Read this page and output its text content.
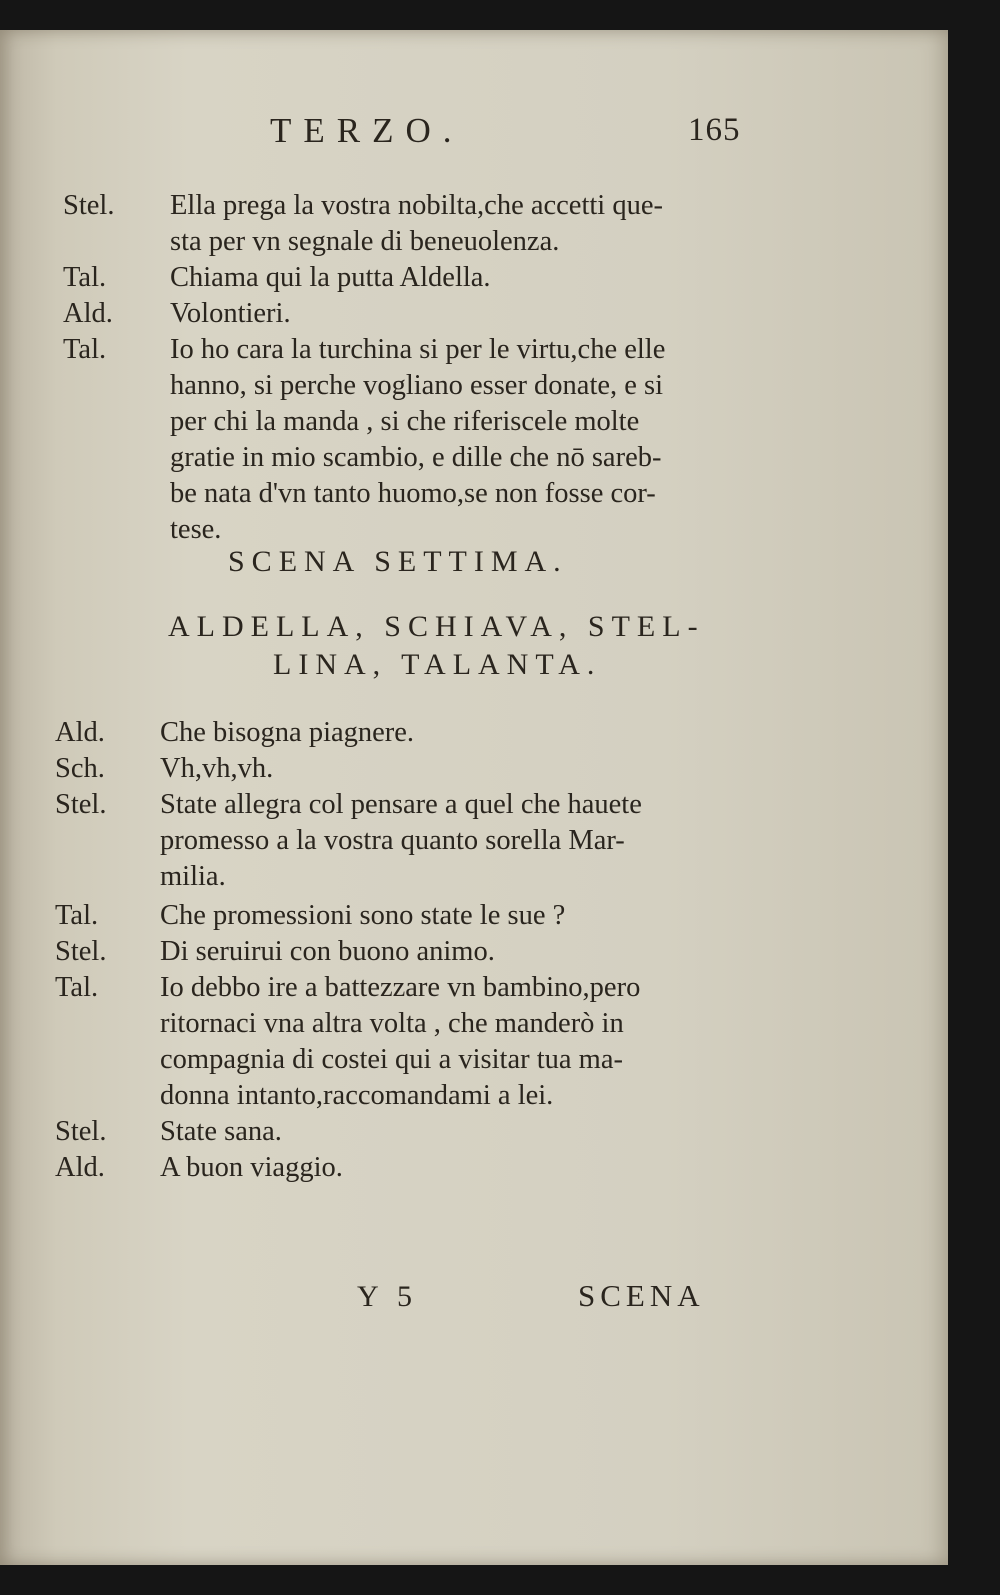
TERZO.	165
Stel. Ella prega la vostra nobilta,che accetti que-
sta per vn segnale di beneuolenza.
Tal. Chiama qui la putta Aldella.
Ald. Volontieri.
Tal. Io ho cara la turchina si per le virtu,che elle
hanno, si perche vogliano esser donate, e si
per chi la manda , si che riferiscele molte
gratie in mio scambio, e dille che nō sareb-
be nata d'vn tanto huomo,se non fosse cor-
tese.
SCENA SETTIMA.
ALDELLA, SCHIAVA, STEL-
LINA, TALANTA.
Ald. Che bisogna piagnere.
Sch. Vh,vh,vh.
Stel. State allegra col pensare a quel che hauete
promesso a la vostra quanto sorella Mar-
milia.
Tal. Che promessioni sono state le sue ?
Stel. Di seruirui con buono animo.
Tal. Io debbo ire a battezzare vn bambino,pero
ritornaci vna altra volta , che manderò in
compagnia di costei qui a visitar tua ma-
donna intanto,raccomandami a lei.
Stel. State sana.
Ald. A buon viaggio.
Y 5	SCENA
